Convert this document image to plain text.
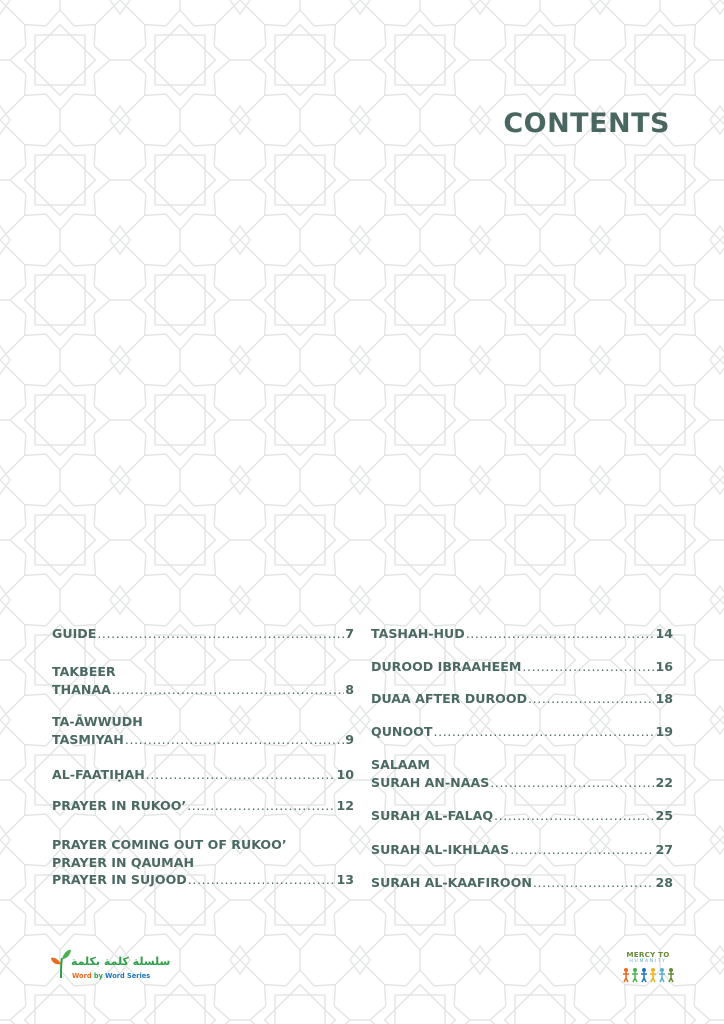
CONTENTS
GUIDE .....	7
TAKBEER
THANAA .....	8
TA-ĀWWUDH
TASMIYAH .....	9
AL-FAATIḤAH .....	10
PRAYER IN RUKOO’ .....	12
PRAYER COMING OUT OF RUKOO’
PRAYER IN QAUMAH
PRAYER IN SUJOOD .....	13
TASHAH-HUD .....	14
DUROOD IBRAAHEEM .....	16
DUAA AFTER DUROOD .....	18
QUNOOT .....	19
SALAAM
SURAH AN-NAAS .....	22
SURAH AL-FALAQ .....	25
SURAH AL-IKHLAAS .....	27
SURAH AL-KAAFIROON .....	28
سلسلة كلمة بكلمة
Word by Word Series
MERCY TO
HUMANITY
